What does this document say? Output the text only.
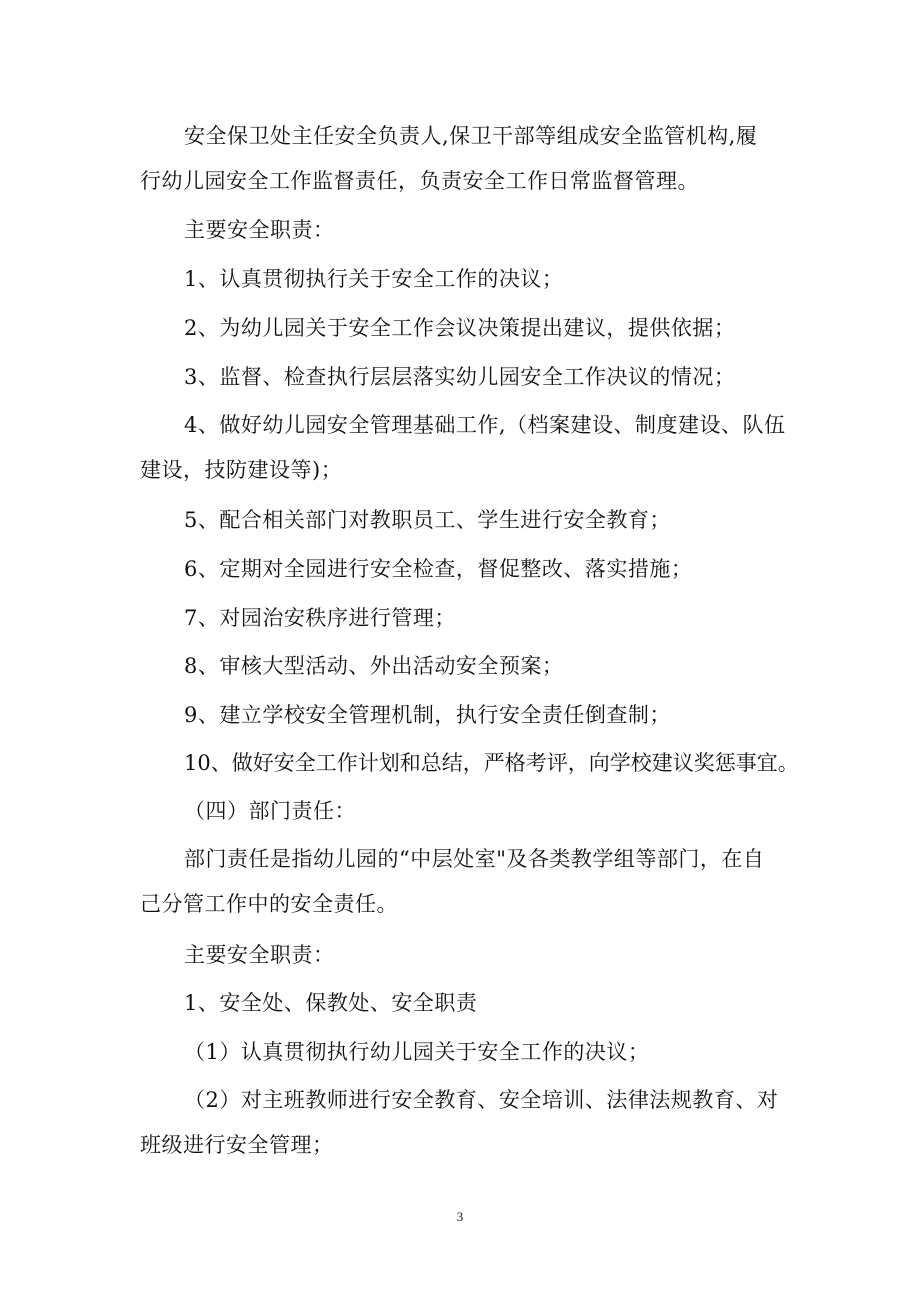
安全保卫处主任安全负责人,保卫干部等组成安全监管机构,履
行幼儿园安全工作监督责任，负责安全工作日常监督管理。
主要安全职责：
1、认真贯彻执行关于安全工作的决议；
2、为幼儿园关于安全工作会议决策提出建议，提供依据；
3、监督、检查执行层层落实幼儿园安全工作决议的情况；
4、做好幼儿园安全管理基础工作,（档案建设、制度建设、队伍
建设，技防建设等)；
5、配合相关部门对教职员工、学生进行安全教育；
6、定期对全园进行安全检查，督促整改、落实措施；
7、对园治安秩序进行管理；
8、审核大型活动、外出活动安全预案；
9、建立学校安全管理机制，执行安全责任倒查制；
10、做好安全工作计划和总结，严格考评，向学校建议奖惩事宜。
（四）部门责任：
部门责任是指幼儿园的“中层处室"及各类教学组等部门，在自
己分管工作中的安全责任。
主要安全职责：
1、安全处、保教处、安全职责
（1）认真贯彻执行幼儿园关于安全工作的决议；
（2）对主班教师进行安全教育、安全培训、法律法规教育、对
班级进行安全管理；
3
